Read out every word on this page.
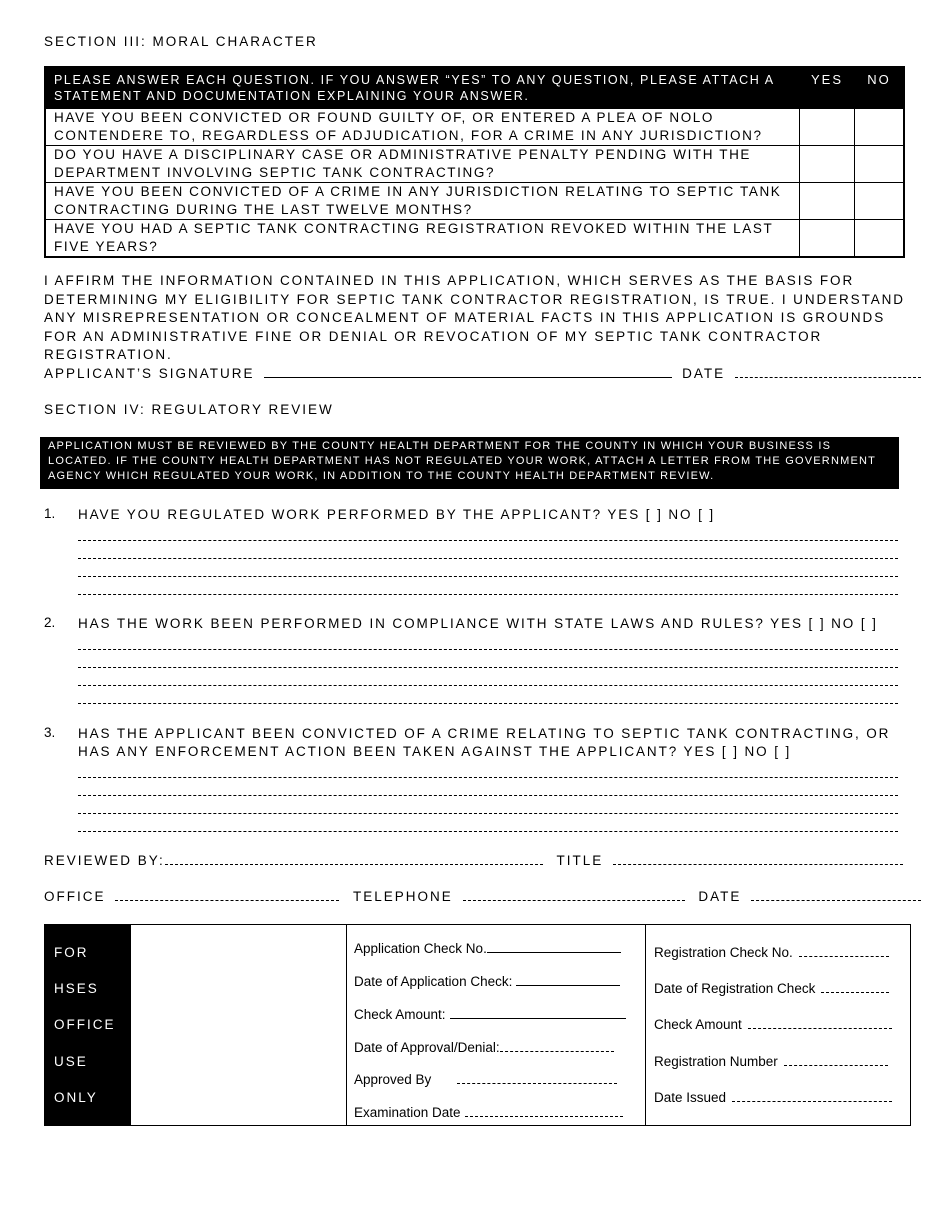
SECTION III: MORAL CHARACTER
PLEASE ANSWER EACH QUESTION. IF YOU ANSWER “YES” TO ANY QUESTION, PLEASE ATTACH A STATEMENT AND DOCUMENTATION EXPLAINING YOUR ANSWER.	YES	NO
HAVE YOU BEEN CONVICTED OR FOUND GUILTY OF, OR ENTERED A PLEA OF NOLO CONTENDERE TO, REGARDLESS OF ADJUDICATION, FOR A CRIME IN ANY JURISDICTION?		
DO YOU HAVE A DISCIPLINARY CASE OR ADMINISTRATIVE PENALTY PENDING WITH THE DEPARTMENT INVOLVING SEPTIC TANK CONTRACTING?		
HAVE YOU BEEN CONVICTED OF A CRIME IN ANY JURISDICTION RELATING TO SEPTIC TANK CONTRACTING DURING THE LAST TWELVE MONTHS?		
HAVE YOU HAD A SEPTIC TANK CONTRACTING REGISTRATION REVOKED WITHIN THE LAST FIVE YEARS?		
I AFFIRM THE INFORMATION CONTAINED IN THIS APPLICATION, WHICH SERVES AS THE BASIS FOR DETERMINING MY ELIGIBILITY FOR SEPTIC TANK CONTRACTOR REGISTRATION, IS TRUE. I UNDERSTAND ANY MISREPRESENTATION OR CONCEALMENT OF MATERIAL FACTS IN THIS APPLICATION IS GROUNDS FOR AN ADMINISTRATIVE FINE OR DENIAL OR REVOCATION OF MY SEPTIC TANK CONTRACTOR REGISTRATION.
APPLICANT’S SIGNATURE	DATE
SECTION IV: REGULATORY REVIEW
APPLICATION MUST BE REVIEWED BY THE COUNTY HEALTH DEPARTMENT FOR THE COUNTY IN WHICH YOUR BUSINESS IS LOCATED. IF THE COUNTY HEALTH DEPARTMENT HAS NOT REGULATED YOUR WORK, ATTACH A LETTER FROM THE GOVERNMENT AGENCY WHICH REGULATED YOUR WORK, IN ADDITION TO THE COUNTY HEALTH DEPARTMENT REVIEW.
1. HAVE YOU REGULATED WORK PERFORMED BY THE APPLICANT? YES [ ] NO [ ]
2. HAS THE WORK BEEN PERFORMED IN COMPLIANCE WITH STATE LAWS AND RULES? YES [ ] NO [ ]
3. HAS THE APPLICANT BEEN CONVICTED OF A CRIME RELATING TO SEPTIC TANK CONTRACTING, OR HAS ANY ENFORCEMENT ACTION BEEN TAKEN AGAINST THE APPLICANT? YES [ ] NO [ ]
REVIEWED BY:	TITLE
OFFICE	TELEPHONE	DATE
FOR
HSES
OFFICE
USE
ONLY
Application Check No.
Date of Application Check:
Check Amount:
Date of Approval/Denial:
Approved By
Examination Date
Registration Check No.
Date of Registration Check
Check Amount
Registration Number
Date Issued
